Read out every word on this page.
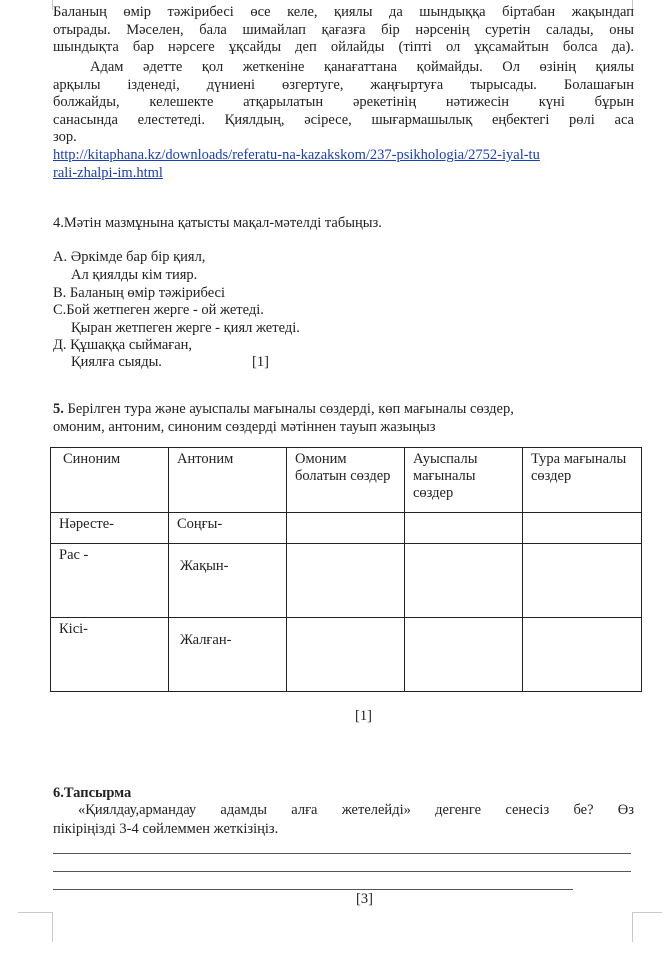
Баланың өмір тәжірибесі өсе келе, қиялы да шындыққа біртабан жақындап
отырады. Мәселен, бала шимайлап қағазға бір нәрсенің суретін салады, оны
шындықта бар нәрсеге ұқсайды деп ойлайды (тіпті ол ұқсамайтын болса да).
Адам әдетте қол жеткеніне қанағаттана қоймайды. Ол өзінің қиялы
арқылы ізденеді, дүниені өзгертуге, жаңғыртуға тырысады. Болашағын
болжайды, келешекте атқарылатын әрекетінің нәтижесін күні бұрын
санасында елестетеді. Қиялдың, әсіресе, шығармашылық еңбектегі рөлі аса
зор.
http://kitaphana.kz/downloads/referatu-na-kazakskom/237-psikhologia/2752-iyal-tu
rali-zhalpi-im.html
4.Мәтін мазмұнына қатысты мақал-мәтелді табыңыз.
А. Әркімде бар бір қиял,
Ал қиялды кім тияр.
В. Баланың өмір тәжірибесі
С.Бой жетпеген жерге - ой жетеді.
Қыран жетпеген жерге - қиял жетеді.
Д. Құшаққа сыймаған,
Қиялға сыяды.	[1]
5. Берілген тура және ауыспалы мағыналы сөздерді, көп мағыналы сөздер,
омоним, антоним, синоним сөздерді мәтіннен тауып жазыңыз
Синоним	Антоним	Омоним болатын сөздер	Ауыспалы мағыналы сөздер	Тура мағыналы сөздер
Нәресте-	Соңғы-			
Рас -	Жақын-			
Кісі-	Жалған-			
[1]
6.Тапсырма
«Қиялдау,армандау адамды алға жетелейді» дегенге сенесіз бе? Өз
пікіріңізді 3-4 сөйлеммен жеткізіңіз.
[3]
